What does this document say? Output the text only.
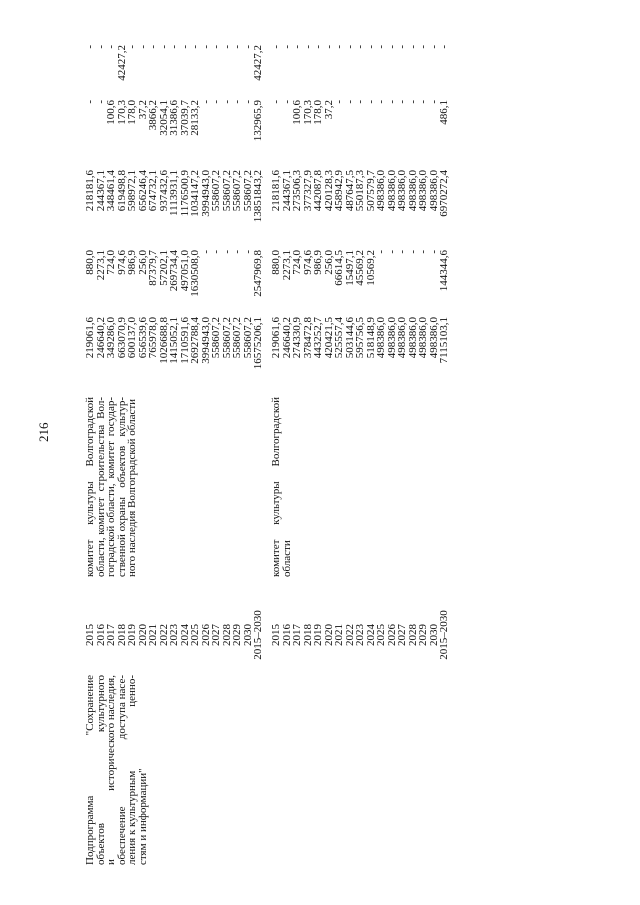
216
Подпрограмма
"Сохранение
объектов
культурного
и
исторического наследия,
обеспечение
доступа насе-
ления к культурным
ценно-
стям и информации"
2015
2016
2017
2018
2019
2020
2021
2022
2023
2024
2025
2026
2027
2028
2029
2030
2015–2030
комитет
культуры
Волгоградской
области, комитет
строительства
Вол-
гоградской области,
комитет
государ-
ственной охраны
объектов
культур-
ного наследия Волгоградской области
219061,6
246640,2
349286,0
663070,9
600137,0
656539,6
765978,0
1026688,8
1415052,1
1710591,6
2692788,4
3994943,0
558607,2
558607,2
558607,2
558607,2
16575206,1
880,0
2273,1
724,0
974,6
986,9
256,0
87379,7
57202,1
269734,4
497051,0
1630508,0
-
-
-
-
-
2547969,8
218181,6
244367,1
348461,4
619498,8
598972,1
656246,4
674732,1
937432,6
1113931,1
1176500,9
1034147,2
3994943,0
558607,2
558607,2
558607,2
558607,2
13851843,2
-
-
100,6
170,3
178,0
37,2
3866,2
32054,1
31386,6
37039,7
28133,2
-
-
-
-
-
132965,9
-
-
-
42427,2
-
-
-
-
-
-
-
-
-
-
-
-
42427,2
2015
2016
2017
2018
2019
2020
2021
2022
2023
2024
2025
2026
2027
2028
2029
2030
2015–2030
комитет
культуры
Волгоградской
области
219061,6
246640,2
274330,9
378472,8
443252,7
420421,5
525557,4
503144,6
595756,5
518148,9
498386,0
498386,0
498386,0
498386,0
498386,0
498386,0
7115103,1
880,0
2273,1
724,0
974,6
986,9
256,0
66614,5
15497,1
45569,2
10569,2
-
-
-
-
-
-
144344,6
218181,6
244367,1
273506,3
377327,9
442087,8
420128,3
458942,9
487647,5
550187,3
507579,7
498386,0
498386,0
498386,0
498386,0
498386,0
498386,0
6970272,4
-
-
100,6
170,3
178,0
37,2
-
-
-
-
-
-
-
-
-
-
486,1
-
-
-
-
-
-
-
-
-
-
-
-
-
-
-
-
-
